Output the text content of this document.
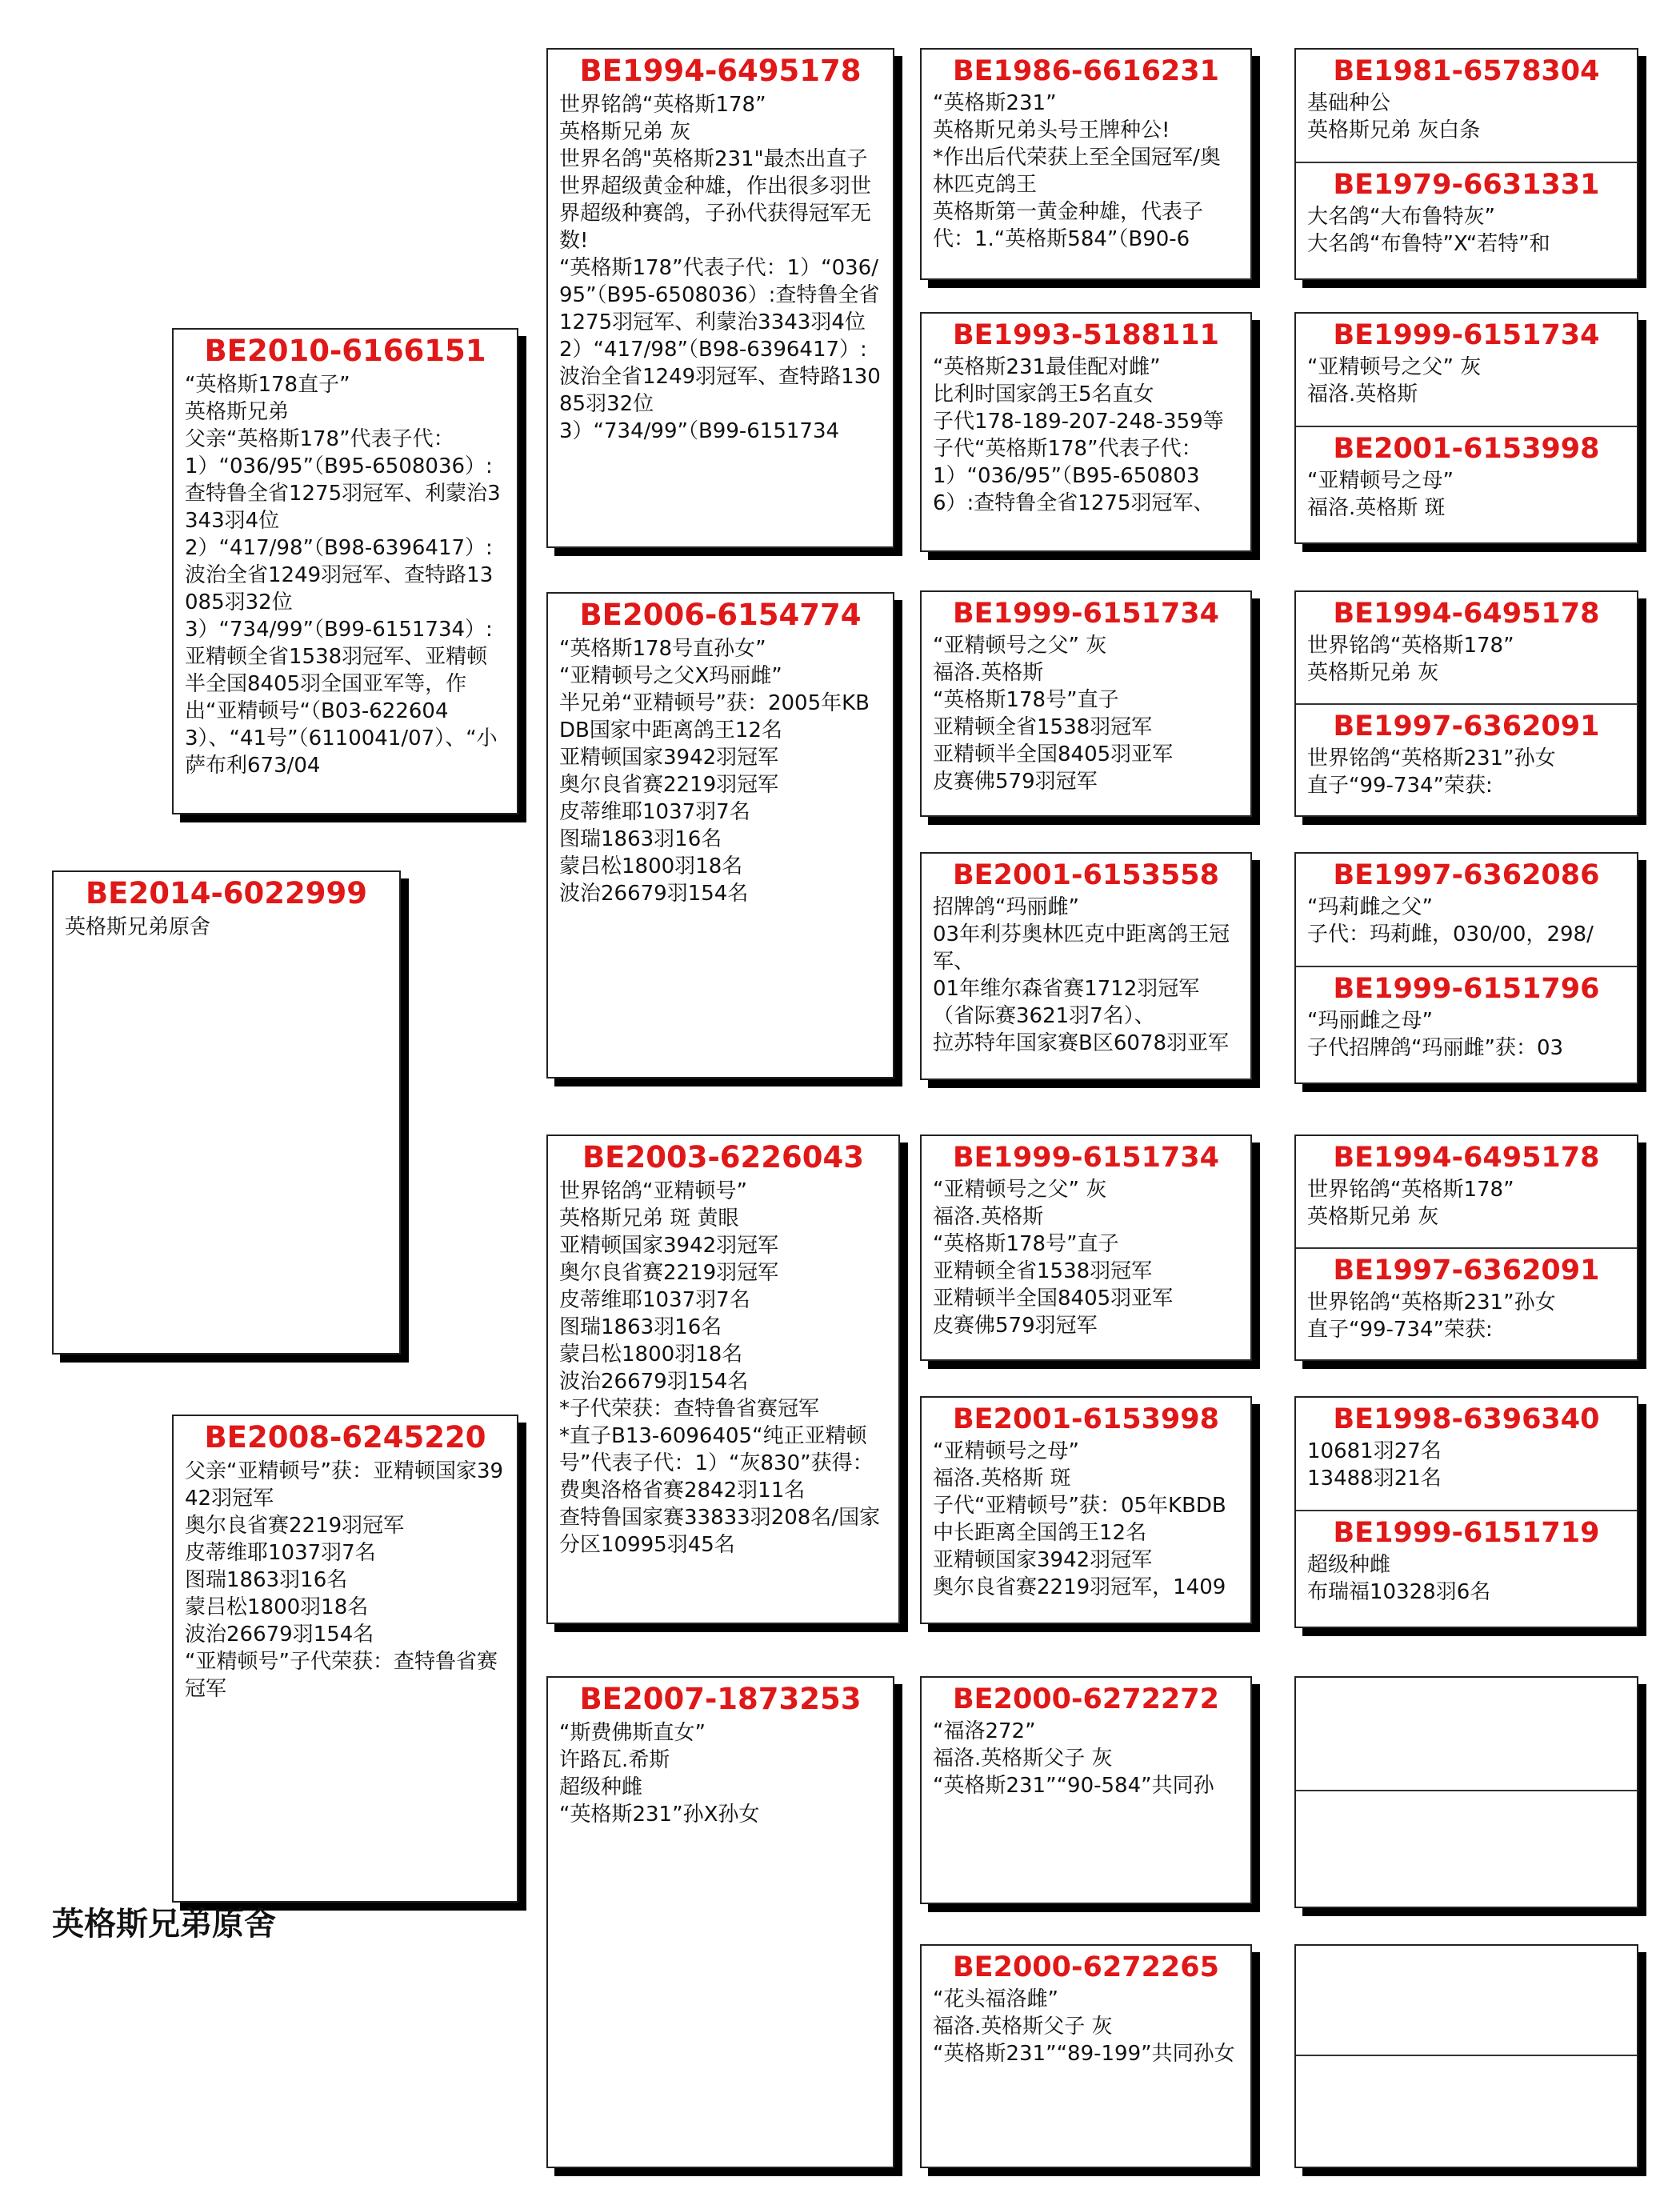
BE2014-6022999
英格斯兄弟原舍
BE2010-6166151
“英格斯178直子”
英格斯兄弟
父亲“英格斯178”代表子代：
1）“036/95”（B95-6508036）:查特鲁全省1275羽冠军、利蒙治3343羽4位
2）“417/98”（B98-6396417）:波治全省1249羽冠军、查特路13085羽32位
3）“734/99”（B99-6151734）:亚精顿全省1538羽冠军、亚精顿半全国8405羽全国亚军等，作出“亚精顿号“（B03-6226043）、“41号”（6110041/07）、“小萨布利673/04
BE2008-6245220
父亲“亚精顿号”获：亚精顿国家3942羽冠军
奥尔良省赛2219羽冠军
皮蒂维耶1037羽7名
图瑞1863羽16名
蒙吕松1800羽18名
波治26679羽154名
“亚精顿号”子代荣获：查特鲁省赛冠军
BE1994-6495178
世界铭鸽“英格斯178”
英格斯兄弟 灰
世界名鸽"英格斯231"最杰出直子
世界超级黄金种雄，作出很多羽世界超级种赛鸽，子孙代获得冠军无数!
“英格斯178”代表子代：1）“036/95”（B95-6508036）:查特鲁全省1275羽冠军、利蒙治3343羽4位
2）“417/98”（B98-6396417）:波治全省1249羽冠军、查特路13085羽32位
3）“734/99”（B99-6151734
BE2006-6154774
“英格斯178号直孙女”
“亚精顿号之父X玛丽雌”
半兄弟“亚精顿号”获：2005年KBDB国家中距离鸽王12名
亚精顿国家3942羽冠军
奥尔良省赛2219羽冠军
皮蒂维耶1037羽7名
图瑞1863羽16名
蒙吕松1800羽18名
波治26679羽154名
BE2003-6226043
世界铭鸽“亚精顿号”
英格斯兄弟 斑 黄眼
亚精顿国家3942羽冠军
奥尔良省赛2219羽冠军
皮蒂维耶1037羽7名
图瑞1863羽16名
蒙吕松1800羽18名
波治26679羽154名
*子代荣获：查特鲁省赛冠军
*直子B13-6096405“纯正亚精顿号”代表子代：1）“灰830”获得：费奥洛格省赛2842羽11名
查特鲁国家赛33833羽208名/国家分区10995羽45名
BE2007-1873253
“斯费佛斯直女”
许路瓦.希斯
超级种雌
“英格斯231”孙X孙女
BE1986-6616231
“英格斯231”
英格斯兄弟头号王牌种公!
*作出后代荣获上至全国冠军/奥林匹克鸽王
英格斯第一黄金种雄，代表子代：1.“英格斯584”（B90-6
BE1993-5188111
“英格斯231最佳配对雌”
比利时国家鸽王5名直女
子代178-189-207-248-359等
子代“英格斯178”代表子代：
1）“036/95”（B95-6508036）:查特鲁全省1275羽冠军、
BE1999-6151734
“亚精顿号之父” 灰
福洛.英格斯
“英格斯178号”直子
亚精顿全省1538羽冠军
亚精顿半全国8405羽亚军
皮赛佛579羽冠军
BE2001-6153558
招牌鸽“玛丽雌”
03年利芬奥林匹克中距离鸽王冠军、
01年维尔森省赛1712羽冠军（省际赛3621羽7名）、
拉苏特年国家赛B区6078羽亚军
BE1999-6151734
“亚精顿号之父” 灰
福洛.英格斯
“英格斯178号”直子
亚精顿全省1538羽冠军
亚精顿半全国8405羽亚军
皮赛佛579羽冠军
BE2001-6153998
“亚精顿号之母”
福洛.英格斯 斑
子代“亚精顿号”获：05年KBDB中长距离全国鸽王12名
亚精顿国家3942羽冠军
奥尔良省赛2219羽冠军，1409
BE2000-6272272
“福洛272”
福洛.英格斯父子 灰
“英格斯231”“90-584”共同孙
BE2000-6272265
“花头福洛雌”
福洛.英格斯父子 灰
“英格斯231”“89-199”共同孙女
BE1981-6578304
基础种公
英格斯兄弟 灰白条
BE1979-6631331
大名鸽“大布鲁特灰”
大名鸽“布鲁特”X“若特”和
BE1999-6151734
“亚精顿号之父” 灰
福洛.英格斯
BE2001-6153998
“亚精顿号之母”
福洛.英格斯 斑
BE1994-6495178
世界铭鸽“英格斯178”
英格斯兄弟 灰
BE1997-6362091
世界铭鸽“英格斯231”孙女
直子“99-734”荣获:
BE1997-6362086
“玛莉雌之父”
子代：玛莉雌，030/00，298/
BE1999-6151796
“玛丽雌之母”
子代招牌鸽“玛丽雌”获：03
BE1994-6495178
世界铭鸽“英格斯178”
英格斯兄弟 灰
BE1997-6362091
世界铭鸽“英格斯231”孙女
直子“99-734”荣获:
BE1998-6396340
10681羽27名
13488羽21名
BE1999-6151719
超级种雌
布瑞福10328羽6名
英格斯兄弟原舍
